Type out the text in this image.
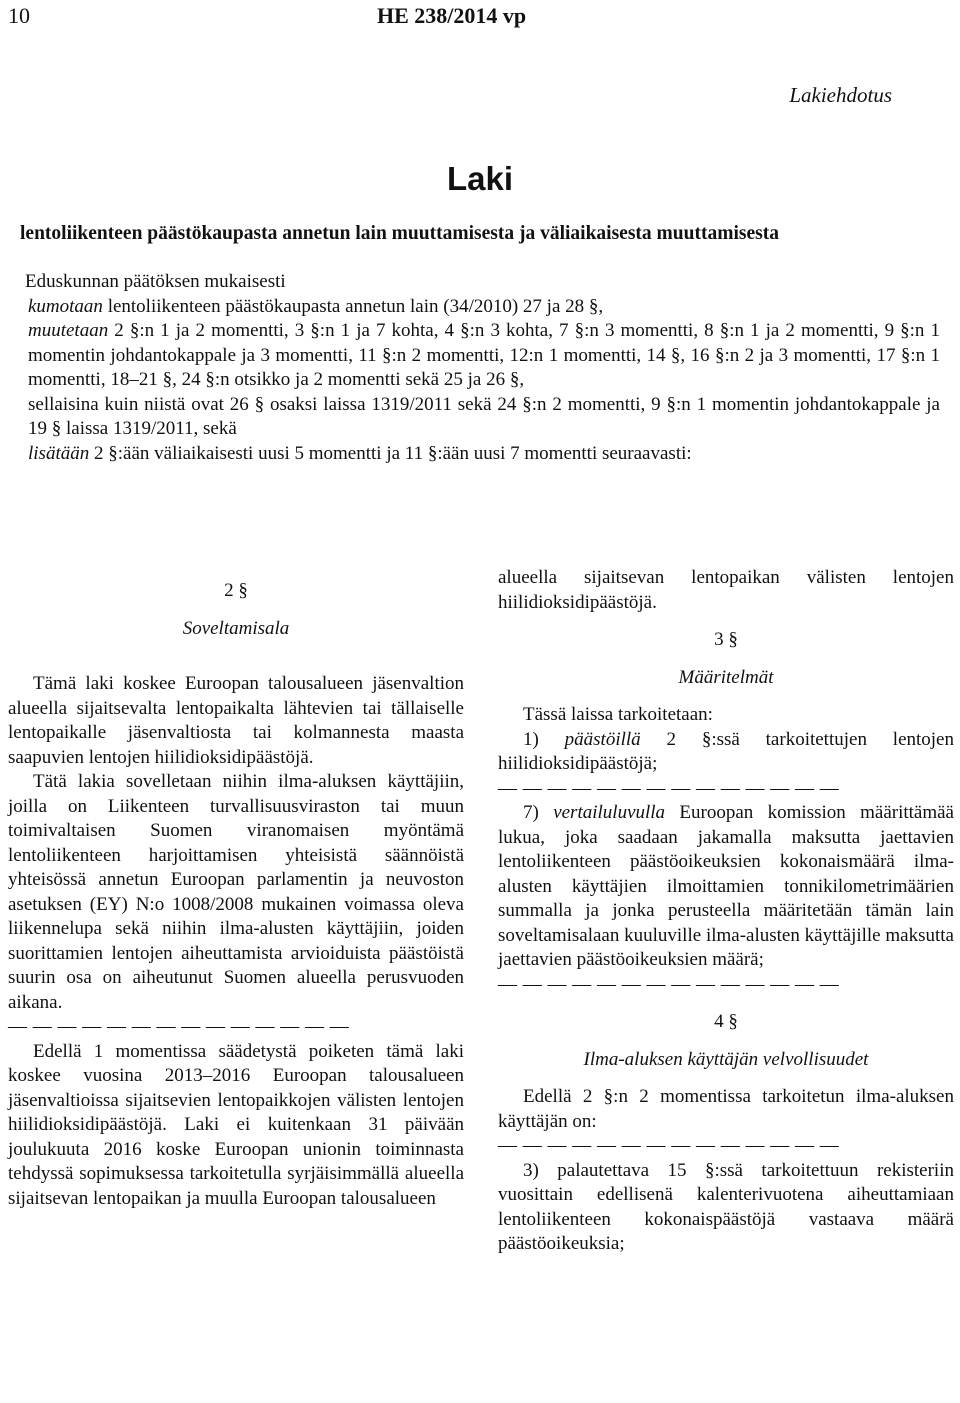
10	HE 238/2014 vp
Lakiehdotus
Laki
lentoliikenteen päästökaupasta annetun lain muuttamisesta ja väliaikaisesta muuttamisesta

Eduskunnan päätöksen mukaisesti

kumotaan lentoliikenteen päästökaupasta annetun lain (34/2010) 27 ja 28 §,

muutetaan 2 §:n 1 ja 2 momentti, 3 §:n 1 ja 7 kohta, 4 §:n 3 kohta, 7 §:n 3 momentti, 8 §:n 1 ja 2 momentti, 9 §:n 1 momentin johdantokappale ja 3 momentti, 11 §:n 2 momentti, 12:n 1 momentti, 14 §, 16 §:n 2 ja 3 momentti, 17 §:n 1 momentti, 18–21 §, 24 §:n otsikko ja 2 momentti sekä 25 ja 26 §,

sellaisina kuin niistä ovat 26 § osaksi laissa 1319/2011 sekä 24 §:n 2 momentti, 9 §:n 1 momentin johdantokappale ja 19 § laissa 1319/2011, sekä

lisätään 2 §:ään väliaikaisesti uusi 5 momentti ja 11 §:ään uusi 7 momentti seuraavasti:

2 §

Soveltamisala

Tämä laki koskee Euroopan talousalueen jäsenvaltion alueella sijaitsevalta lentopaikalta lähtevien tai tällaiselle lentopaikalle jäsenvaltiosta tai kolmannesta maasta saapuvien lentojen hiilidioksidipäästöjä.

Tätä lakia sovelletaan niihin ilma-aluksen käyttäjiin, joilla on Liikenteen turvallisuusviraston tai muun toimivaltaisen Suomen viranomaisen myöntämä lentoliikenteen harjoittamisen yhteisistä säännöistä yhteisössä annetun Euroopan parlamentin ja neuvoston asetuksen (EY) N:o 1008/2008 mukainen voimassa oleva liikennelupa sekä niihin ilma-alusten käyttäjiin, joiden suorittamien lentojen aiheuttamista arvioiduista päästöistä suurin osa on aiheutunut Suomen alueella perusvuoden aikana.

— — — — — — — — — — — — — —

Edellä 1 momentissa säädetystä poiketen tämä laki koskee vuosina 2013–2016 Euroopan talousalueen jäsenvaltioissa sijaitsevien lentopaikkojen välisten lentojen hiilidioksidipäästöjä. Laki ei kuitenkaan 31 päivään joulukuuta 2016 koske Euroopan unionin toiminnasta tehdyssä sopimuksessa tarkoitetulla syrjäisimmällä alueella sijaitsevan lentopaikan ja muulla Euroopan talousalueen

alueella sijaitsevan lentopaikan välisten lentojen hiilidioksidipäästöjä.

3 §

Määritelmät

Tässä laissa tarkoitetaan:

1) päästöillä 2 §:ssä tarkoitettujen lentojen hiilidioksidipäästöjä;

— — — — — — — — — — — — — —

7) vertailuluvulla Euroopan komission määrittämää lukua, joka saadaan jakamalla maksutta jaettavien lentoliikenteen päästöoikeuksien kokonaismäärä ilma-alusten käyttäjien ilmoittamien tonnikilometrimäärien summalla ja jonka perusteella määritetään tämän lain soveltamisalaan kuuluville ilma-alusten käyttäjille maksutta jaettavien päästöoikeuksien määrä;

— — — — — — — — — — — — — —

4 §

Ilma-aluksen käyttäjän velvollisuudet

Edellä 2 §:n 2 momentissa tarkoitetun ilma-aluksen käyttäjän on:

— — — — — — — — — — — — — —

3) palautettava 15 §:ssä tarkoitettuun rekisteriin vuosittain edellisenä kalenterivuotena aiheuttamiaan lentoliikenteen kokonaispäästöjä vastaava määrä päästöoikeuksia;
